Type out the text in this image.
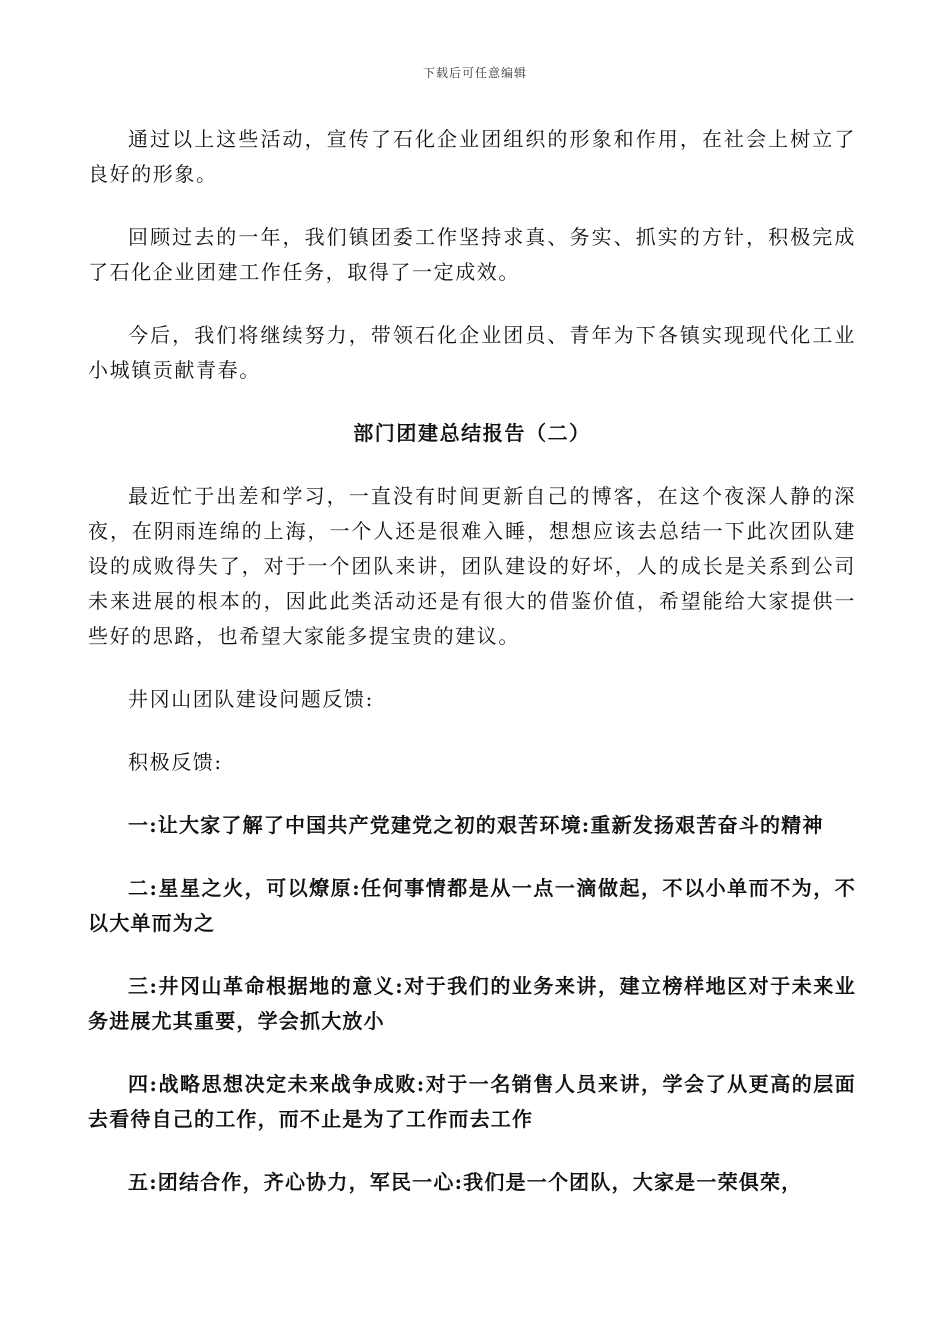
下载后可任意编辑

通过以上这些活动，宣传了石化企业团组织的形象和作用，在社会上树立了良好的形象。

回顾过去的一年，我们镇团委工作坚持求真、务实、抓实的方针，积极完成了石化企业团建工作任务，取得了一定成效。

今后，我们将继续努力，带领石化企业团员、青年为下各镇实现现代化工业小城镇贡献青春。

部门团建总结报告（二）

最近忙于出差和学习，一直没有时间更新自己的博客，在这个夜深人静的深夜，在阴雨连绵的上海，一个人还是很难入睡，想想应该去总结一下此次团队建设的成败得失了，对于一个团队来讲，团队建设的好坏，人的成长是关系到公司未来进展的根本的，因此此类活动还是有很大的借鉴价值，希望能给大家提供一些好的思路，也希望大家能多提宝贵的建议。

井冈山团队建设问题反馈:

积极反馈:

一:让大家了解了中国共产党建党之初的艰苦环境:重新发扬艰苦奋斗的精神

二:星星之火，可以燎原:任何事情都是从一点一滴做起，不以小单而不为，不以大单而为之

三:井冈山革命根据地的意义:对于我们的业务来讲，建立榜样地区对于未来业务进展尤其重要，学会抓大放小

四:战略思想决定未来战争成败:对于一名销售人员来讲，学会了从更高的层面去看待自己的工作，而不止是为了工作而去工作

五:团结合作，齐心协力，军民一心:我们是一个团队，大家是一荣俱荣，
